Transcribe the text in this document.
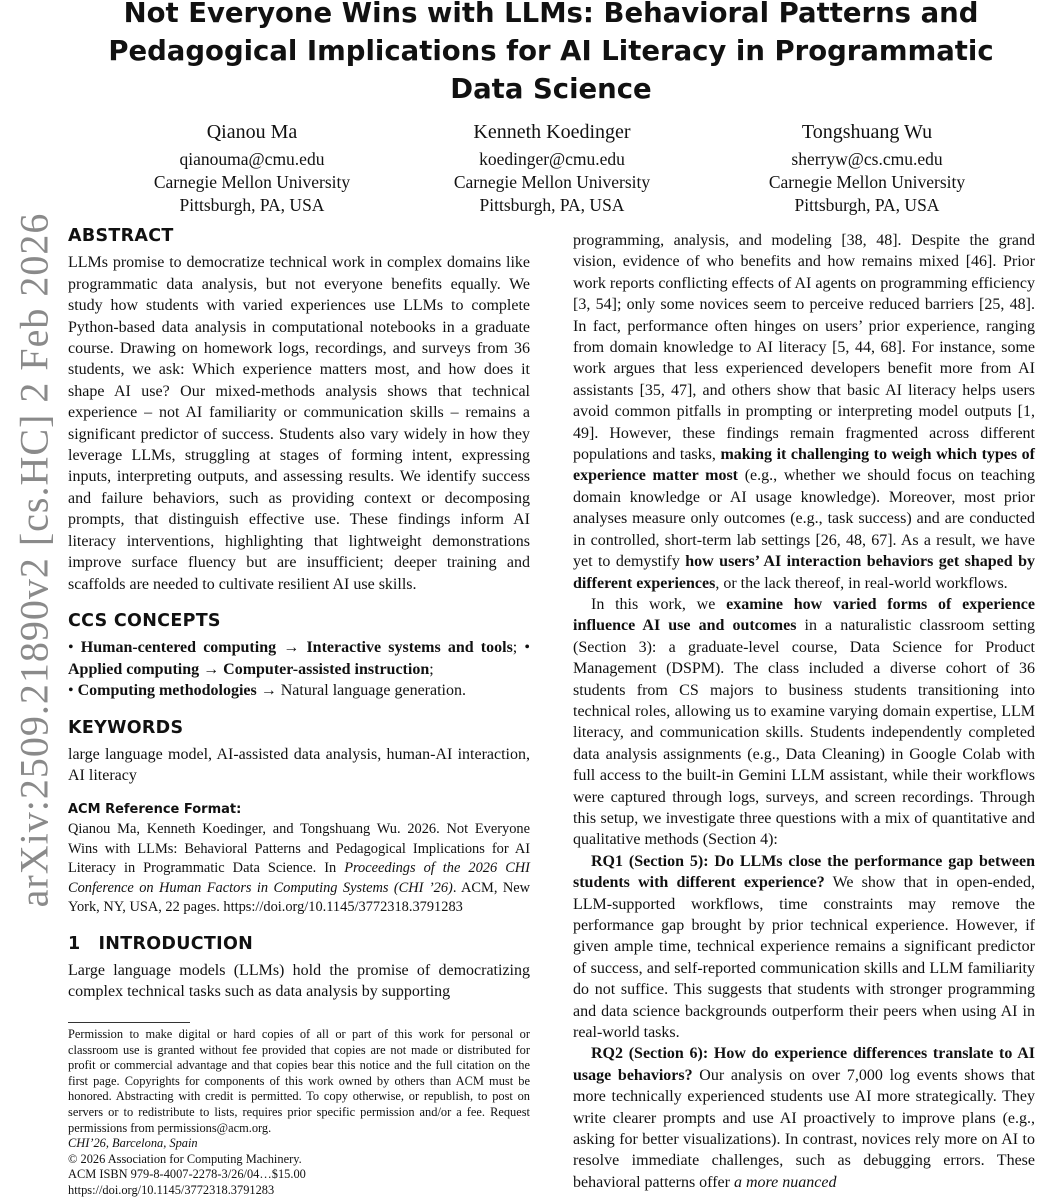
arXiv:2509.21890v2 [cs.HC] 2 Feb 2026
Not Everyone Wins with LLMs: Behavioral Patterns and Pedagogical Implications for AI Literacy in Programmatic Data Science
Qianou Ma
qianouma@cmu.edu
Carnegie Mellon University
Pittsburgh, PA, USA
Kenneth Koedinger
koedinger@cmu.edu
Carnegie Mellon University
Pittsburgh, PA, USA
Tongshuang Wu
sherryw@cs.cmu.edu
Carnegie Mellon University
Pittsburgh, PA, USA
ABSTRACT

LLMs promise to democratize technical work in complex domains like programmatic data analysis, but not everyone benefits equally. We study how students with varied experiences use LLMs to complete Python-based data analysis in computational notebooks in a graduate course. Drawing on homework logs, recordings, and surveys from 36 students, we ask: Which experience matters most, and how does it shape AI use? Our mixed-methods analysis shows that technical experience – not AI familiarity or communication skills – remains a significant predictor of success. Students also vary widely in how they leverage LLMs, struggling at stages of forming intent, expressing inputs, interpreting outputs, and assessing results. We identify success and failure behaviors, such as providing context or decomposing prompts, that distinguish effective use. These findings inform AI literacy interventions, highlighting that lightweight demonstrations improve surface fluency but are insufficient; deeper training and scaffolds are needed to cultivate resilient AI use skills.

CCS CONCEPTS

• Human-centered computing → Interactive systems and tools; • Applied computing → Computer-assisted instruction;
• Computing methodologies → Natural language generation.

KEYWORDS

large language model, AI-assisted data analysis, human-AI interaction, AI literacy

ACM Reference Format:

Qianou Ma, Kenneth Koedinger, and Tongshuang Wu. 2026. Not Everyone Wins with LLMs: Behavioral Patterns and Pedagogical Implications for AI Literacy in Programmatic Data Science. In Proceedings of the 2026 CHI Conference on Human Factors in Computing Systems (CHI ’26). ACM, New York, NY, USA, 22 pages. https://doi.org/10.1145/3772318.3791283

1 INTRODUCTION

Large language models (LLMs) hold the promise of democratizing complex technical tasks such as data analysis by supporting

Permission to make digital or hard copies of all or part of this work for personal or classroom use is granted without fee provided that copies are not made or distributed for profit or commercial advantage and that copies bear this notice and the full citation on the first page. Copyrights for components of this work owned by others than ACM must be honored. Abstracting with credit is permitted. To copy otherwise, or republish, to post on servers or to redistribute to lists, requires prior specific permission and/or a fee. Request permissions from permissions@acm.org.
CHI’26, Barcelona, Spain
© 2026 Association for Computing Machinery.
ACM ISBN 979-8-4007-2278-3/26/04…$15.00
https://doi.org/10.1145/3772318.3791283

programming, analysis, and modeling [38, 48]. Despite the grand vision, evidence of who benefits and how remains mixed [46]. Prior work reports conflicting effects of AI agents on programming efficiency [3, 54]; only some novices seem to perceive reduced barriers [25, 48]. In fact, performance often hinges on users’ prior experience, ranging from domain knowledge to AI literacy [5, 44, 68]. For instance, some work argues that less experienced developers benefit more from AI assistants [35, 47], and others show that basic AI literacy helps users avoid common pitfalls in prompting or interpreting model outputs [1, 49]. However, these findings remain fragmented across different populations and tasks, making it challenging to weigh which types of experience matter most (e.g., whether we should focus on teaching domain knowledge or AI usage knowledge). Moreover, most prior analyses measure only outcomes (e.g., task success) and are conducted in controlled, short-term lab settings [26, 48, 67]. As a result, we have yet to demystify how users’ AI interaction behaviors get shaped by different experiences, or the lack thereof, in real-world workflows.

In this work, we examine how varied forms of experience influence AI use and outcomes in a naturalistic classroom setting (Section 3): a graduate-level course, Data Science for Product Management (DSPM). The class included a diverse cohort of 36 students from CS majors to business students transitioning into technical roles, allowing us to examine varying domain expertise, LLM literacy, and communication skills. Students independently completed data analysis assignments (e.g., Data Cleaning) in Google Colab with full access to the built-in Gemini LLM assistant, while their workflows were captured through logs, surveys, and screen recordings. Through this setup, we investigate three questions with a mix of quantitative and qualitative methods (Section 4):

RQ1 (Section 5): Do LLMs close the performance gap between students with different experience? We show that in open-ended, LLM-supported workflows, time constraints may remove the performance gap brought by prior technical experience. However, if given ample time, technical experience remains a significant predictor of success, and self-reported communication skills and LLM familiarity do not suffice. This suggests that students with stronger programming and data science backgrounds outperform their peers when using AI in real-world tasks.

RQ2 (Section 6): How do experience differences translate to AI usage behaviors? Our analysis on over 7,000 log events shows that more technically experienced students use AI more strategically. They write clearer prompts and use AI proactively to improve plans (e.g., asking for better visualizations). In contrast, novices rely more on AI to resolve immediate challenges, such as debugging errors. These behavioral patterns offer a more nuanced
